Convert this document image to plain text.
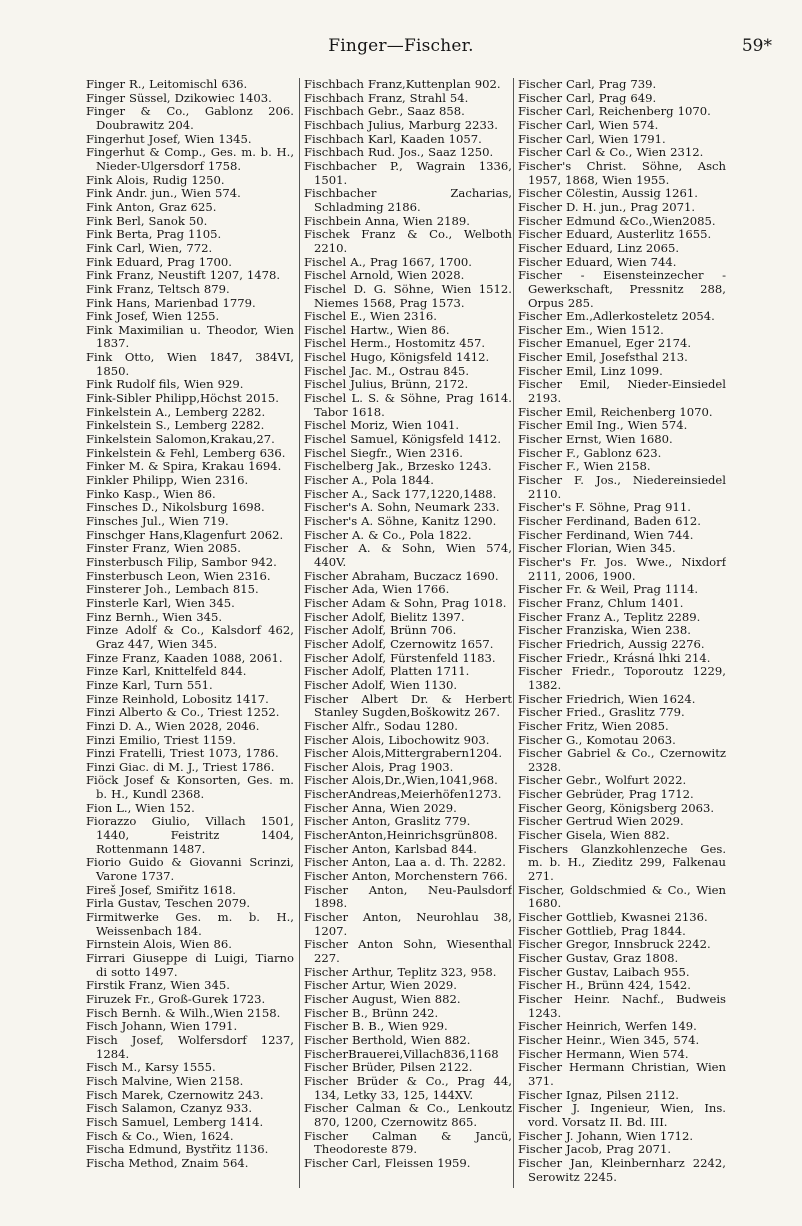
Finger—Fischer.	59*
Finger R., Leitomischl 636.
Finger Süssel, Dzikowiec 1403.
Finger & Co., Gablonz 206. Doubrawitz 204.
Fingerhut Josef, Wien 1345.
Fingerhut & Comp., Ges. m. b. H., Nieder-Ulgersdorf 1758.
Fink Alois, Rudig 1250.
Fink Andr. jun., Wien 574.
Fink Anton, Graz 625.
Fink Berl, Sanok 50.
Fink Berta, Prag 1105.
Fink Carl, Wien, 772.
Fink Eduard, Prag 1700.
Fink Franz, Neustift 1207, 1478.
Fink Franz, Teltsch 879.
Fink Hans, Marienbad 1779.
Fink Josef, Wien 1255.
Fink Maximilian u. Theodor, Wien 1837.
Fink Otto, Wien 1847, 384VI, 1850.
Fink Rudolf fils, Wien 929.
Fink-Sibler Philipp,Höchst 2015.
Finkelstein A., Lemberg 2282.
Finkelstein S., Lemberg 2282.
Finkelstein Salomon,Krakau,27.
Finkelstein & Fehl, Lemberg 636.
Finker M. & Spira, Krakau 1694.
Finkler Philipp, Wien 2316.
Finko Kasp., Wien 86.
Finsches D., Nikolsburg 1698.
Finsches Jul., Wien 719.
Finschger Hans,Klagenfurt 2062.
Finster Franz, Wien 2085.
Finsterbusch Filip, Sambor 942.
Finsterbusch Leon, Wien 2316.
Finsterer Joh., Lembach 815.
Finsterle Karl, Wien 345.
Finz Bernh., Wien 345.
Finze Adolf & Co., Kalsdorf 462, Graz 447, Wien 345.
Finze Franz, Kaaden 1088, 2061.
Finze Karl, Knittelfeld 844.
Finze Karl, Turn 551.
Finze Reinhold, Lobositz 1417.
Finzi Alberto & Co., Triest 1252.
Finzi D. A., Wien 2028, 2046.
Finzi Emilio, Triest 1159.
Finzi Fratelli, Triest 1073, 1786.
Finzi Giac. di M. J., Triest 1786.
Fiöck Josef & Konsorten, Ges. m. b. H., Kundl 2368.
Fion L., Wien 152.
Fiorazzo Giulio, Villach 1501, 1440, Feistritz 1404, Rottenmann 1487.
Fiorio Guido & Giovanni Scrinzi, Varone 1737.
Fireš Josef, Smiřitz 1618.
Firla Gustav, Teschen 2079.
Firmitwerke Ges. m. b. H., Weissenbach 184.
Firnstein Alois, Wien 86.
Firrari Giuseppe di Luigi, Tiarno di sotto 1497.
Firstik Franz, Wien 345.
Firuzek Fr., Groß-Gurek 1723.
Fisch Bernh. & Wilh.,Wien 2158.
Fisch Johann, Wien 1791.
Fisch Josef, Wolfersdorf 1237, 1284.
Fisch M., Karsy 1555.
Fisch Malvine, Wien 2158.
Fisch Marek, Czernowitz 243.
Fisch Salamon, Czanyz 933.
Fisch Samuel, Lemberg 1414.
Fisch & Co., Wien, 1624.
Fischa Edmund, Bystřitz 1136.
Fischa Method, Znaim 564.
Fischbach Franz,Kuttenplan 902.
Fischbach Franz, Strahl 54.
Fischbach Gebr., Saaz 858.
Fischbach Julius, Marburg 2233.
Fischbach Karl, Kaaden 1057.
Fischbach Rud. Jos., Saaz 1250.
Fischbacher P., Wagrain 1336, 1501.
Fischbacher Zacharias, Schladming 2186.
Fischbein Anna, Wien 2189.
Fischek Franz & Co., Welboth 2210.
Fischel A., Prag 1667, 1700.
Fischel Arnold, Wien 2028.
Fischel D. G. Söhne, Wien 1512. Niemes 1568, Prag 1573.
Fischel E., Wien 2316.
Fischel Hartw., Wien 86.
Fischel Herm., Hostomitz 457.
Fischel Hugo, Königsfeld 1412.
Fischel Jac. M., Ostrau 845.
Fischel Julius, Brünn, 2172.
Fischel L. S. & Söhne, Prag 1614. Tabor 1618.
Fischel Moriz, Wien 1041.
Fischel Samuel, Königsfeld 1412.
Fischel Siegfr., Wien 2316.
Fischelberg Jak., Brzesko 1243.
Fischer A., Pola 1844.
Fischer A., Sack 177,1220,1488.
Fischer's A. Sohn, Neumark 233.
Fischer's A. Söhne, Kanitz 1290.
Fischer A. & Co., Pola 1822.
Fischer A. & Sohn, Wien 574, 440V.
Fischer Abraham, Buczacz 1690.
Fischer Ada, Wien 1766.
Fischer Adam & Sohn, Prag 1018.
Fischer Adolf, Bielitz 1397.
Fischer Adolf, Brünn 706.
Fischer Adolf, Czernowitz 1657.
Fischer Adolf, Fürstenfeld 1183.
Fischer Adolf, Platten 1711.
Fischer Adolf, Wien 1130.
Fischer Albert Dr. & Herbert Stanley Sugden,Boškowitz 267.
Fischer Alfr., Sodau 1280.
Fischer Alois, Libochowitz 903.
Fischer Alois,Mittergrabern1204.
Fischer Alois, Prag 1903.
Fischer Alois,Dr.,Wien,1041,968.
FischerAndreas,Meierhöfen1273.
Fischer Anna, Wien 2029.
Fischer Anton, Graslitz 779.
FischerAnton,Heinrichsgrün808.
Fischer Anton, Karlsbad 844.
Fischer Anton, Laa a. d. Th. 2282.
Fischer Anton, Morchenstern 766.
Fischer Anton, Neu-Paulsdorf 1898.
Fischer Anton, Neurohlau 38, 1207.
Fischer Anton Sohn, Wiesenthal 227.
Fischer Arthur, Teplitz 323, 958.
Fischer Artur, Wien 2029.
Fischer August, Wien 882.
Fischer B., Brünn 242.
Fischer B. B., Wien 929.
Fischer Berthold, Wien 882.
FischerBrauerei,Villach836,1168
Fischer Brüder, Pilsen 2122.
Fischer Brüder & Co., Prag 44, 134, Letky 33, 125, 144XV.
Fischer Calman & Co., Lenkoutz 870, 1200, Czernowitz 865.
Fischer Calman & Jancü, Theodoreste 879.
Fischer Carl, Fleissen 1959.
Fischer Carl, Prag 739.
Fischer Carl, Prag 649.
Fischer Carl, Reichenberg 1070.
Fischer Carl, Wien 574.
Fischer Carl, Wien 1791.
Fischer Carl & Co., Wien 2312.
Fischer's Christ. Söhne, Asch 1957, 1868, Wien 1955.
Fischer Cölestin, Aussig 1261.
Fischer D. H. jun., Prag 2071.
Fischer Edmund &Co.,Wien2085.
Fischer Eduard, Austerlitz 1655.
Fischer Eduard, Linz 2065.
Fischer Eduard, Wien 744.
Fischer - Eisensteinzecher - Gewerkschaft, Pressnitz 288, Orpus 285.
Fischer Em.,Adlerkosteletz 2054.
Fischer Em., Wien 1512.
Fischer Emanuel, Eger 2174.
Fischer Emil, Josefsthal 213.
Fischer Emil, Linz 1099.
Fischer Emil, Nieder-Einsiedel 2193.
Fischer Emil, Reichenberg 1070.
Fischer Emil Ing., Wien 574.
Fischer Ernst, Wien 1680.
Fischer F., Gablonz 623.
Fischer F., Wien 2158.
Fischer F. Jos., Niedereinsiedel 2110.
Fischer's F. Söhne, Prag 911.
Fischer Ferdinand, Baden 612.
Fischer Ferdinand, Wien 744.
Fischer Florian, Wien 345.
Fischer's Fr. Jos. Wwe., Nixdorf 2111, 2006, 1900.
Fischer Fr. & Weil, Prag 1114.
Fischer Franz, Chlum 1401.
Fischer Franz A., Teplitz 2289.
Fischer Franziska, Wien 238.
Fischer Friedrich, Aussig 2276.
Fischer Friedr., Krásná lhki 214.
Fischer Friedr., Toporoutz 1229, 1382.
Fischer Friedrich, Wien 1624.
Fischer Fried., Graslitz 779.
Fischer Fritz, Wien 2085.
Fischer G., Komotau 2063.
Fischer Gabriel & Co., Czernowitz 2328.
Fischer Gebr., Wolfurt 2022.
Fischer Gebrüder, Prag 1712.
Fischer Georg, Königsberg 2063.
Fischer Gertrud Wien 2029.
Fischer Gisela, Wien 882.
Fischers Glanzkohlenzeche Ges. m. b. H., Zieditz 299, Falkenau 271.
Fischer, Goldschmied & Co., Wien 1680.
Fischer Gottlieb, Kwasnei 2136.
Fischer Gottlieb, Prag 1844.
Fischer Gregor, Innsbruck 2242.
Fischer Gustav, Graz 1808.
Fischer Gustav, Laibach 955.
Fischer H., Brünn 424, 1542.
Fischer Heinr. Nachf., Budweis 1243.
Fischer Heinrich, Werfen 149.
Fischer Heinr., Wien 345, 574.
Fischer Hermann, Wien 574.
Fischer Hermann Christian, Wien 371.
Fischer Ignaz, Pilsen 2112.
Fischer J. Ingenieur, Wien, Ins. vord. Vorsatz II. Bd. III.
Fischer J. Johann, Wien 1712.
Fischer Jacob, Prag 2071.
Fischer Jan, Kleinbernharz 2242, Serowitz 2245.
